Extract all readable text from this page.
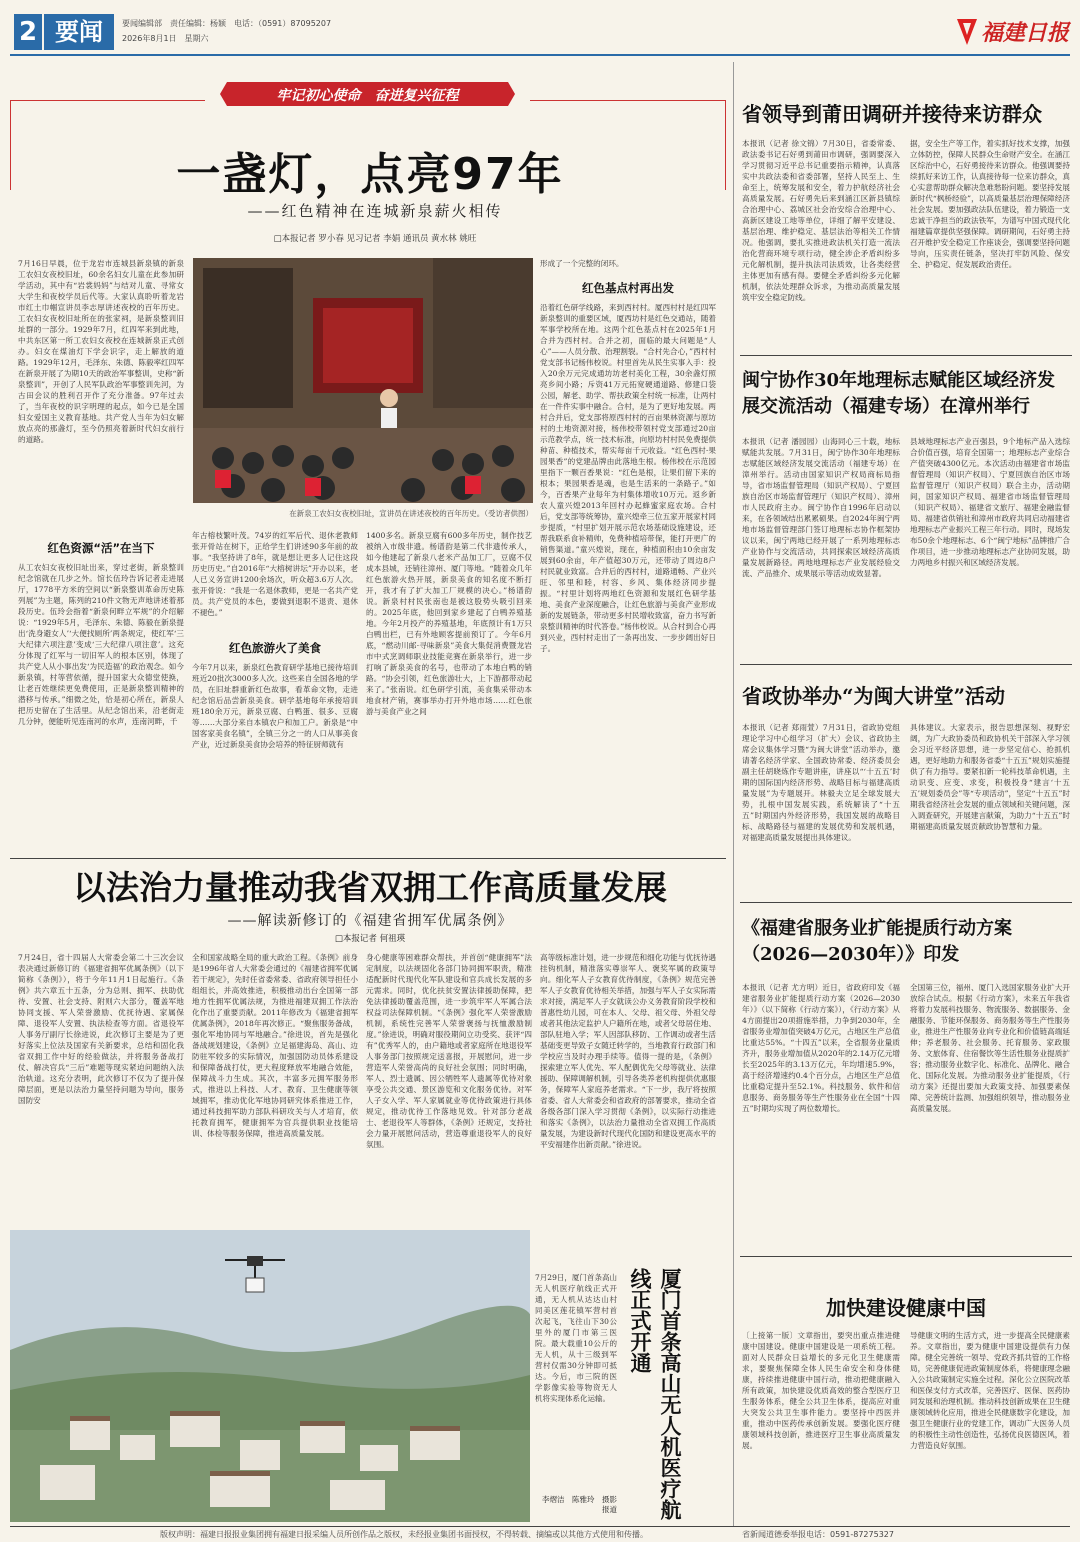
2 要闻	要闻编辑部　责任编辑：杨颖　电话：（0591）87095207
2026年8月1日　星期六	福建日报
牢记初心使命　奋进复兴征程
一盏灯，点亮97年
——红色精神在连城新泉薪火相传
□本报记者 罗小春 见习记者 李娟 通讯员 黄水林 姚旺
7月16日早晨，位于龙岩市连城县新泉镇的新泉工农妇女夜校旧址，60余名妇女儿童在此参加研学活动，其中有“岩裳妈妈”与结对儿童、寻常女大学生和夜校学员后代等。大家认真聆听着龙岩市红土巾帼宣讲员李志厚讲述夜校的百年历史。工农妇女夜校旧址所在的张家祠，是新泉整训旧址群的一部分。1929年7月，红四军来到此地，中共东区第一所工农妇女夜校在连城新泉正式创办。妇女在煤油灯下学会识字，走上解放的道路。1929年12月，毛泽东、朱德、陈毅率红四军在新泉开展了为期10天的政治军事整训，史称“新泉整训”，开创了人民军队政治军事整训先河，为古田会议的胜利召开作了充分准备。97年过去了，当年夜校的识字明理的起点，如今已是全国妇女爱国主义教育基地。共产党人当年为妇女解放点亮的那盏灯，至今仍照亮着新时代妇女前行的道路。
红色资源“活”在当下
从工农妇女夜校旧址出来，穿过老街，新泉整训纪念馆就在几步之外。馆长伍玲告诉记者走进展厅，1778平方米的空间以“新泉整训革命历史陈列展”为主题，陈列的210件文物无声地讲述着那段历史。伍玲会指着“新泉何畔立军规”的介绍解说：“1929年5月，毛泽东、朱德、陈毅在新泉提出‘洗身避女人’‘大便找厕所’两条规定，使红军‘三大纪律六项注意’变成‘三大纪律八项注意’。这充分体现了红军与一切旧军人的根本区别，体现了共产党人从小事出发‘为民造福’的政治观念。如今新泉镇，村等营依循，提升国家大众德堂使换，让老百姓继续更免费使用，正是新泉整训精神的潜移与传承。”细微之处，恰是初心所在，新泉人把历史留在了生活里。从纪念馆出来，沿老街走几分钟，便能听见连南河的水声，连南河畔，千
在新泉工农妇女夜校旧址，宣讲员在讲述夜校的百年历史。（受访者供图）
年古榕枝繁叶茂。74岁的红军后代、退休老教师张开骨站在树下，正给学生们讲述90多年前的故事。“我坚持讲了8年，就是想让更多人记住这段历史历史。”自2016年“大榕树讲坛”开办以来，老人已义务宣讲1200余场次，听众超3.6万人次。张开骨说：“我是一名退休教师，更是一名共产党员。共产党员的本色，要做到退职不退责、退休不褪色。”
红色旅游火了美食
今年7月以来，新泉红色教育研学基地已接待培训班近20批次3000多人次。这些来自全国各地的学员，在旧址群重新红色故事，看革命文物，走进纪念馆后品尝新泉美食。研学基地每年承接培训班180余万元，新泉豆腐、白鸭蛋、很多、豆腐等……大部分来自本镇农户和加工户。新泉是“中国客家美食名镇”，全镇三分之一的人口从事美食产业，近过新泉美食协会培养的特征厨师就有
1400多名。新泉豆腐有600多年历史，制作技艺被纳入市级非遗。杨谱韵是第二代非遗传承人，如今他建起了新泉八老米产品加工厂，豆腐不仅成本县城，还销往漳州、厦门等地。“随着众几年红色旅游火热开展，新泉美食的知名度不断打开，我才有了扩大加工厂规模的决心。”杨谱韵说。新泉村村民张南也是被这股势头吸引回来的。2025年底，他回到家乡建起了白鸭养殖基地。今年2月投产的养殖基地，年底预计有1万只白鸭出栏，已有外地顾客提前预订了。今年6月底，“燃动川邮·寻味新泉”美食大集促消费暨龙岩市中式烹调师职业技能竞赛在新泉举行，进一步打响了新泉美食的名号，也带动了本地白鸭的销路。“协会引领，红色旅游壮大，上下游都带动起来了。”张南说。红色研学引流，美食集采带动本地食材产销，赛事举办打开外地市场……红色旅游与美食产业之间
形成了一个完整的闭环。
红色基点村再出发
沿着红色研学线路，来到西村村。厦西村村是红四军新泉整训的重要区域，厦西坊村是红色交通站，随着军事学校所在地。这两个红色基点村在2025年1月合并为西村村。合并之初，面临的最大问题是“人心”——人员分散、治理割裂。“合村先合心，”西村村党支部书记杨伟校说。村里首先从民生实事入手：投入20余万元完成通坊坊老村美化工程，30余盏灯照亮乡间小路；斥资41万元拓宽硬通道路、修建口袋公园，解老、助学、帮扶政策全村统一标准，让两村在一件件实事中融合。合村，是为了更好地发展。两村合并后，党支部将原西村村的百亩果林资源与原坊村的土地资源对接，杨伟校带领村党支部通过20亩示范教学点，统一技术标准，向原坊村村民免费提供种苗、种植技术，帮实每亩千元收益。“红色西村·果园果香”的党建品牌由此落地生根。杨伟校在示范园里指下一颗百香果说：“红色是根，让果们留下来的根本；果园果香是魂，也是生活来的一条路子。”如今，百香果产业每年为村集体增收10万元。返乡新农人童兴煌2013年回村办起蜂蜜家庭农场。合村后，党支部等统筹协，童兴煌牵三位五家开展家村同步提质，“村里扩划开展示范农场基础设施建设，还帮我联系食补精帅，免费种植培带保，能打开更广的销售渠道。”童兴煌说，现在，种植面积由10余亩发展到60余亩，年产值超30万元，还带动了周边8户村民就业致富。合并后的西村村，道路通畅、产业兴旺、邻里和睦，村容、乡风、集体经济同步提振。“村里计划将两地红色资源和发展红色研学基地、美食产业深度融合，让红色旅游与美食产业形成新的发展链条，带动更多村民增收致富，奋力书写新泉整训精神的时代答卷。”杨伟校说。从合村到合心再到兴业，西村村走出了一条再出发、一步步阔出好日子。
以法治力量推动我省双拥工作高质量发展
——解读新修订的《福建省拥军优属条例》
□本报记者 何祖瑛
7月24日，省十四届人大常委会第二十三次会议表决通过新修订的《福建省拥军优属条例》（以下简称《条例》），将于今年11月1日起施行。《条例》共六章五十五条，分为总则、拥军、扶助优待、安置、社会支持、附则六大部分，覆盖军地协同支援、军人荣誉激励、优抚待遇、家属保障、退役军人安置、执法检查等方面。省退役军人事务厅副厅长徐进说，此次修订主要是为了更好落实上位法及国家有关新要求，总结和固化我省双拥工作中好的经验做法，并将服务备战打仗、解决官兵“三后”难题等现实紧迫问题纳入法治轨道。这充分表明，此次修订不仅为了提升保障层面，更是以法治力量坚持问题为导向，服务国防安
全和国家战略全局的重大政治工程。《条例》前身是1996年省人大常委会通过的《福建省拥军优属若干规定》，先时任省委常委、省政府领导担任小组组长，并高效推进，积极推动出台全国第一部地方性拥军优属法规，为推进福建双拥工作法治化作出了重要贡献。2011年修改为《福建省拥军优属条例》，2018年再次修正。“聚焦服务备战，强化军地协同与军地融合。”徐进说，首先是强化备战规划建设，《条例》立足福建海岛、高山、边防驻军较多的实际情况，加强国防动员体系建设和保障备战打仗，更大程度释放军地融合效能，保障战斗力生成。其次，丰富多元拥军服务形式，推进以上科技、人才、教育、卫生健康等领域拥军，推动优化军地协同研究体系推进工作，通过科技拥军助力部队科研攻关与人才培育，依托教育拥军，健康拥军为官兵提供职业技能培训、体检等服务保障，推进高质量发展。
身心健康等困难群众帮扶，并首创“健康拥军”法定制度，以法规固化各部门协同拥军职责，精准适配新时代现代化军队建设和官兵成长发展的多元需求。同时，优化扶贫安置法律援助保障，把免法律援助覆盖范围，进一步筑牢军人军属合法权益司法保障机制。“《条例》强化军人荣誉激励机制，系统性完善军人荣誉褒扬与抚恤激励制度。”徐进说，明确对服役期间立功受奖、获评“四有”优秀军人的，由户籍地或者家庭所在地退役军人事务部门按照规定送喜报，开展慰问，进一步营造军人荣誉高尚的良好社会氛围；同时明确，军人、烈士遗属、因公牺牲军人遗属等优待对象享受公共交通、景区游览和文化服务优待。对军人子女入学、军人家属就业等优待政策进行具体规定，推动优待工作落地见效。针对部分老战士、老退役军人等群体，《条例》还规定，支持社会力量开展慰问活动，营造尊重退役军人的良好氛围。
高等级标准计划，进一步规范和细化功能与优抚待遇挂钩机制，精准落实尊崇军人、褒奖军属的政策导向。细化军人子女教育优待制度，《条例》规范完善军人子女教育优待相关举措，加强与军人子女实际需求对接，满足军人子女就读公办义务教育阶段学校和普惠性幼儿园，可在本人、父母、祖父母、外祖父母或者其他法定监护人户籍所在地，或者父母居住地、部队驻地入学；军人因部队移防、工作调动或者生活基础变更导致子女随迁转学的，当地教育行政部门和学校应当及时办理手续等。值得一提的是，《条例》探索建立军人优先、军人配偶优先父母等就业、法律援助、保障调解机制，引导各类养老机构提供优惠服务，保障军人家庭养老需求。“下一步，我厅将按照省委、省人大常委会和省政府的部署要求，推动全省各级各部门深入学习贯彻《条例》，以实际行动推进和落实《条例》，以法治力量推动全省双拥工作高质量发展，为建设新时代现代化国防和建设更高水平的平安福建作出新贡献。”徐进说。
7月29日，厦门首条高山无人机医疗航线正式开通，无人机从达达山村同美区莲花镇军营村首次起飞，飞往山下30公里外的厦门市第三医院。最大载重10公斤的无人机，从十三级到军营村仅需30分钟即可抵达。今后，市三院的医学影像实验等物资无人机将实现体系化运输。
李熠洁　陈雅玲　摄影报道	厦门首条高山无人机医疗航线正式开通
省领导到莆田调研并接待来访群众
本报讯（记者 徐文锦）7月30日，省委常委、政法委书记石好勇到莆田市调研，强调要深入学习贯彻习近平总书记重要指示精神，认真落实中共政法委和省委部署，坚持人民至上、生命至上，统筹发展和安全，着力护航经济社会高质量发展。石好勇先后来到涵江区新县镇综合治理中心、荔城区社会治安综合治理中心、高新区建设工地等单位，详细了解平安建设、基层治理、维护稳定、基层法治等相关工作情况。他强调，要扎实推进政法机关打造一流法治化营商环境专项行动，健全涉企矛盾纠纷多元化解机制，提升执法司法质效，让各类经营主体更加有感有得。要健全矛盾纠纷多元化解机制，依法处理群众诉求，为推动高质量发展筑牢安全稳定防线。
据，安全生产等工作，着实抓好技术支撑，加强立体防控，保障人民群众生命财产安全。在涵江区综治中心，石好勇接待来访群众。他强调要持续抓好来访工作，认真接待每一位来访群众，真心实意帮助群众解决急难愁盼问题。要坚持发展新时代“枫桥经验”，以高质量基层治理保障经济社会发展。要加强政法队伍建设，着力锻造一支忠诚干净担当的政法铁军，为谱写中国式现代化福建篇章提供坚强保障。调研期间，石好勇主持召开维护安全稳定工作座谈会，强调要坚持问题导向，压实责任链条，坚决打牢防风险、保安全、护稳定、促发展政治责任。
闽宁协作30年地理标志赋能区域经济发展交流活动（福建专场）在漳州举行
本报讯（记者 潘园园）山海同心三十载，地标赋能共发展。7月31日，闽宁协作30年地理标志赋能区域经济发展交流活动（福建专场）在漳州举行。活动由国家知识产权局商标局指导，省市场监督管理局（知识产权局）、宁夏回族自治区市场监督管理厅（知识产权局）、漳州市人民政府主办。闽宁协作自1996年启动以来，在各领域结出累累硕果。自2024年闽宁两地市场监督管理部门签订地理标志协作框架协议以来，闽宁两地已经开展了一系列地理标志产业协作与交流活动，共同探索区域经济高质量发展新路径。两地地理标志产业发展经验交流、产品推介、成果展示等活动成效显著。
县域地理标志产业百强县，9个地标产品入选综合价值百强，培育全国第一；地理标志产业综合产值突破4300亿元。本次活动由福建省市场监督管理局（知识产权局）、宁夏回族自治区市场监督管理厅（知识产权局）联合主办，活动期间，国家知识产权局、福建省市场监督管理局（知识产权局）、福建省文旅厅、福建金融监督局、福建省供销社和漳州市政府共同启动福建省地理标志产业振兴工程三年行动。同时，现场发布50余个地理标志、6个“闽宁地标”品牌推广合作项目，进一步推动地理标志产业协同发展，助力两地乡村振兴和区域经济发展。
省政协举办“为闽大讲堂”活动
本报讯（记者 郑雨萱）7月31日，省政协党组理论学习中心组学习（扩大）会议、省政协主席会议集体学习暨“为闽大讲堂”活动举办，邀请著名经济学家、全国政协常委、经济委员会副主任胡晓炼作专题讲座，讲座以“‘十五五’时期的国际国内经济形势、战略目标与福建高质量发展”为专题展开。林毅夫立足全球发展大势，扎根中国发展实践，系统解读了“十五五”时期国内外经济形势，我国发展的战略目标、战略路径与福建的发展优势和发展机遇，对福建高质量发展提出具体建议。
具体建议。大家表示，报告思想深刻、视野宏阔，为广大政协委员和政协机关干部深入学习领会习近平经济思想，进一步坚定信心、抢抓机遇，更好地助力和服务省委“十五五”规划实施提供了有力指导。要紧扣新一轮科技革命机遇，主动识变、应变、求变，积极投身“建言‘十五五’规划委员会”等“专项活动”，坚定“十五五”时期我省经济社会发展的重点领域和关键问题，深入调查研究，开展建言献策，为助力“十五五”时期福建高质量发展贡献政协智慧和力量。
《福建省服务业扩能提质行动方案（2026—2030年）》印发
本报讯（记者 尤方明）近日，省政府印发《福建省服务业扩能提质行动方案（2026—2030年）》（以下简称《行动方案》），《行动方案》从4方面提出20项措施举措，力争到2030年，全省服务业增加值突破4万亿元，占地区生产总值比重达55%。“十四五”以来，全省服务业量质齐升，服务业增加值从2020年的2.14万亿元增长至2025年的3.13万亿元，年均增速5.9%，高于经济增速约0.4个百分点，占地区生产总值比重稳定提升至52.1%。科技服务、软件和信息服务、商务服务等生产性服务业在全国“十四五”时期均实现了两位数增长。
全国第三位，福州、厦门入选国家服务业扩大开放综合试点。根据《行动方案》，未来五年我省将着力发展科技服务、物流服务、数据服务、金融服务、节能环保服务、商务服务等生产性服务业，推进生产性服务业向专业化和价值链高端延伸；养老服务、社会服务、托育服务、家政服务、文旅体育、住宿餐饮等生活性服务业提质扩容；推动服务业数字化、标准化、品牌化、融合化、国际化发展。为推动服务业扩能提质，《行动方案》还提出要加大政策支持、加强要素保障、完善统计监测、加强组织领导，推动服务业高质量发展。
加快建设健康中国
〔上接第一版〕文章指出，要突出重点推进健康中国建设。健康中国建设是一项系统工程。面对人民群众日益增长的多元化卫生健康需求，要聚焦保障全体人民生命安全和身体健康，持续推进健康中国行动，推动把健康融入所有政策，加快建设优质高效的整合型医疗卫生服务体系，健全公共卫生体系，提高应对重大突发公共卫生事件能力。要坚持中西医并重，推动中医药传承创新发展。要强化医疗健康领域科技创新，推进医疗卫生事业高质量发展。
导健康文明的生活方式，进一步提高全民健康素养。文章指出，要为健康中国建设提供有力保障。健全完善统一领导、党政齐抓共管的工作格局，完善健康促进政策制度体系，将健康理念融入公共政策制定实施全过程。深化公立医院改革和医保支付方式改革，完善医疗、医保、医药协同发展和治理机制。推动科技创新成果在卫生健康领域转化应用，推进全民健康数字化建设，加强卫生健康行业的党建工作，调动广大医务人员的积极性主动性创造性，弘扬优良医德医风，着力营造良好氛围。
版权声明：福建日报报业集团拥有福建日报采编人员所创作品之版权，未经报业集团书面授权，不得转载、摘编或以其他方式使用和传播。	省新闻道德委举报电话：0591-87275327
